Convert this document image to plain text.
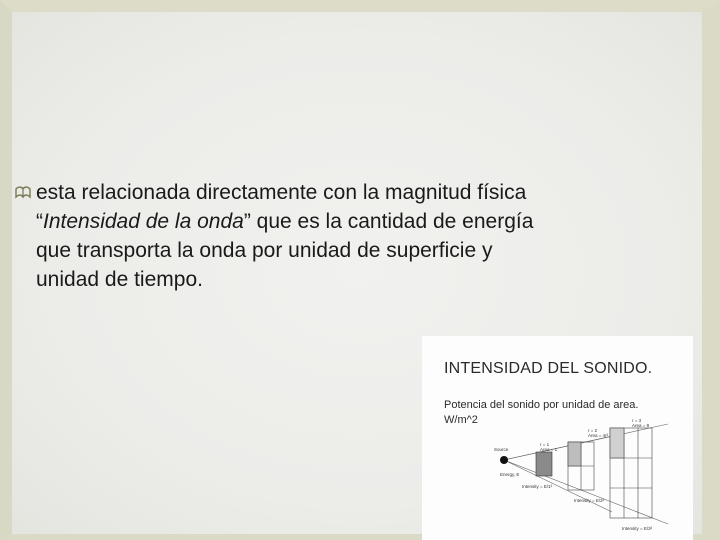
esta relacionada directamente con la magnitud física
“Intensidad de la onda” que es la cantidad de energía
que transporta la onda por unidad de superficie y
unidad de tiempo.
INTENSIDAD DEL SONIDO.
Potencia del sonido por unidad de area.
W/m^2
Source
Energy, E
r = 1
Area = 1
r = 2
Area = 4r²
r = 3
Area = 9
Intensity = E/1²
Intensity = E/2²
Intensity = E/3²
